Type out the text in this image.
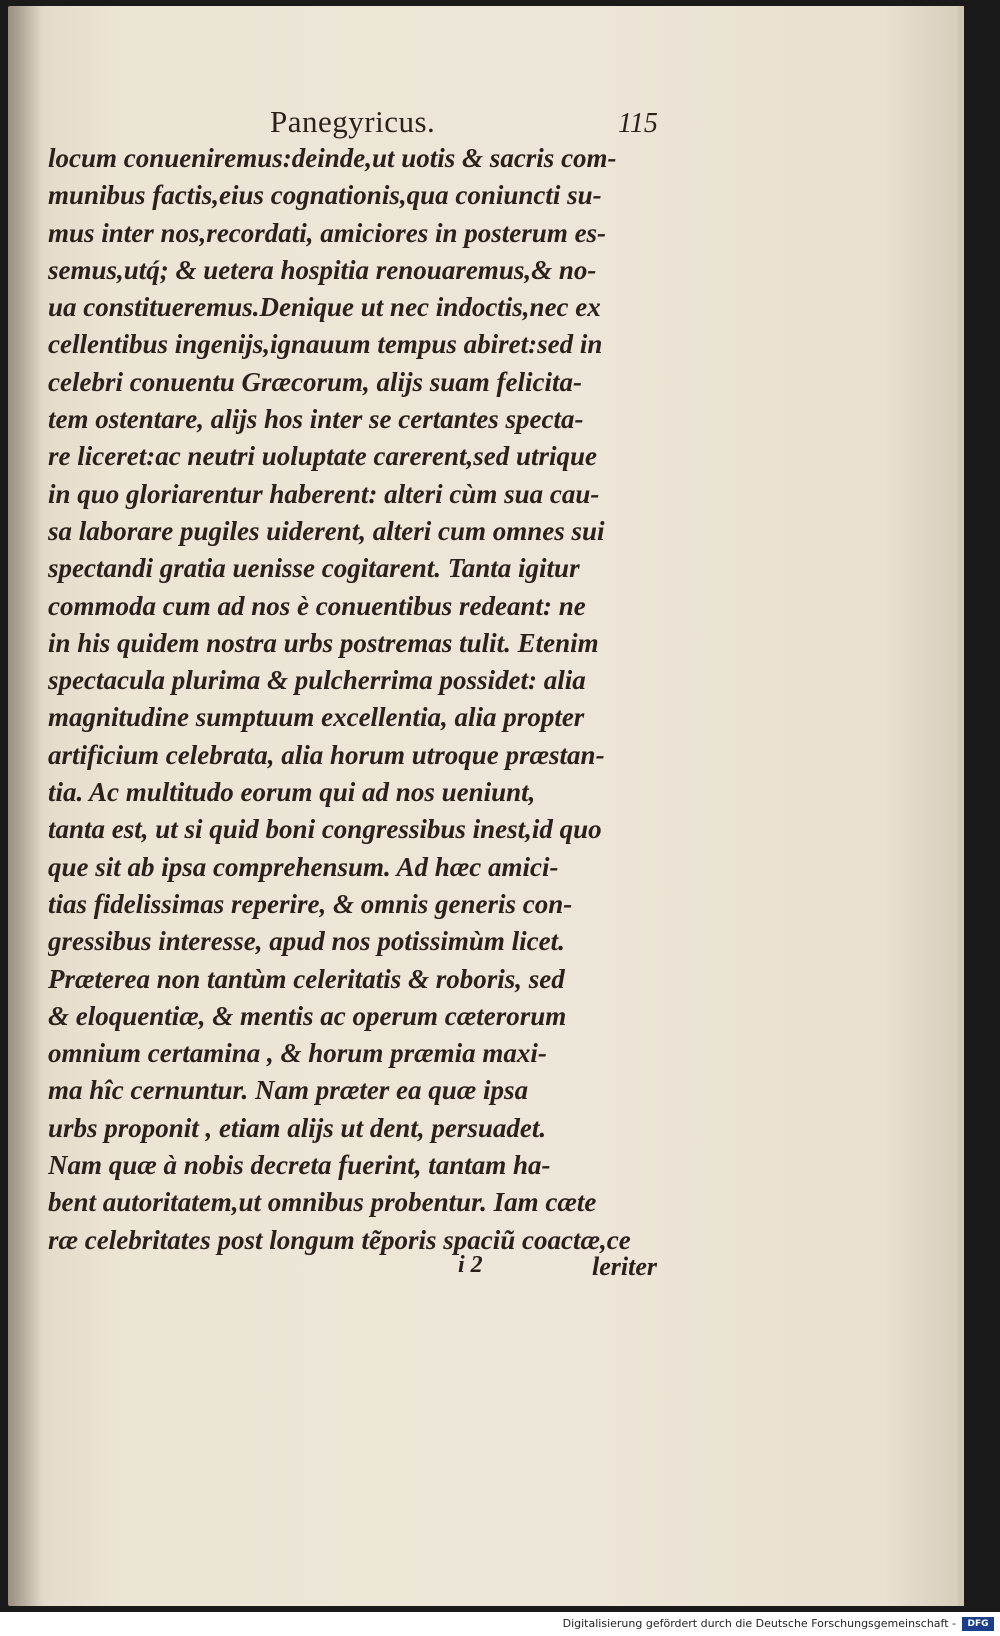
Panegyricus.	115
locum conueniremus:deinde,ut uotis & sacris com-
munibus factis,eius cognationis,qua coniuncti su-
mus inter nos,recordati, amiciores in posterum es-
semus,utq́; & uetera hospitia renouaremus,& no-
ua constitueremus.Denique ut nec indoctis,nec ex
cellentibus ingenijs,ignauum tempus abiret:sed in
celebri conuentu Græcorum, alijs suam felicita-
tem ostentare, alijs hos inter se certantes specta-
re liceret:ac neutri uoluptate carerent,sed utrique
in quo gloriarentur haberent: alteri cùm sua cau-
sa laborare pugiles uiderent, alteri cum omnes sui
spectandi gratia uenisse cogitarent. Tanta igitur
commoda cum ad nos è conuentibus redeant: ne
in his quidem nostra urbs postremas tulit. Etenim
spectacula plurima & pulcherrima possidet: alia
magnitudine sumptuum excellentia, alia propter
artificium celebrata, alia horum utroque præstan-
tia. Ac multitudo eorum qui ad nos ueniunt,
tanta est, ut si quid boni congressibus inest,id quo
que sit ab ipsa comprehensum. Ad hæc amici-
tias fidelissimas reperire, & omnis generis con-
gressibus interesse, apud nos potissimùm licet.
Præterea non tantùm celeritatis & roboris, sed
& eloquentiæ, & mentis ac operum cæterorum
omnium certamina , & horum præmia maxi-
ma hîc cernuntur. Nam præter ea quæ ipsa
urbs proponit , etiam alijs ut dent, persuadet.
Nam quæ à nobis decreta fuerint, tantam ha-
bent autoritatem,ut omnibus probentur. Iam cæte
ræ celebritates post longum tẽporis spaciũ coactæ,ce
i 2	leriter
Digitalisierung gefördert durch die Deutsche Forschungsgemeinschaft -	DFG
